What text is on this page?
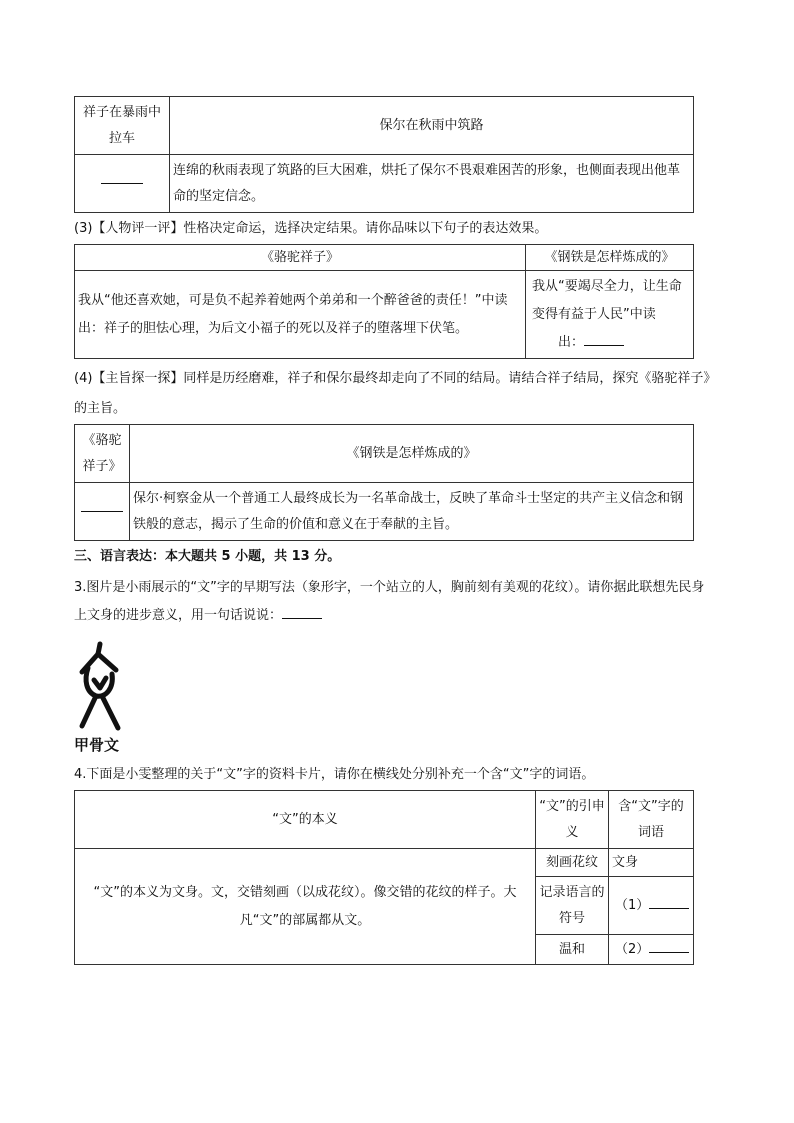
祥子在暴雨中拉车	保尔在秋雨中筑路

	连绵的秋雨表现了筑路的巨大困难，烘托了保尔不畏艰难困苦的形象，也侧面表现出他革命的坚定信念。

(3)【人物评一评】性格决定命运，选择决定结果。请你品味以下句子的表达效果。

《骆驼祥子》	《钢铁是怎样炼成的》
我从“他还喜欢她，可是负不起养着她两个弟弟和一个醉爸爸的责任！”中读出：祥子的胆怯心理，为后文小福子的死以及祥子的堕落埋下伏笔。	我从“要竭尽全力，让生命变得有益于人民”中读
出：

(4)【主旨探一探】同样是历经磨难，祥子和保尔最终却走向了不同的结局。请结合祥子结局，探究《骆驼祥子》的主旨。

《骆驼祥子》	《钢铁是怎样炼成的》

	保尔·柯察金从一个普通工人最终成长为一名革命战士，反映了革命斗士坚定的共产主义信念和钢铁般的意志，揭示了生命的价值和意义在于奉献的主旨。

三、语言表达：本大题共 5 小题，共 13 分。

3.图片是小雨展示的“文”字的早期写法（象形字，一个站立的人，胸前刻有美观的花纹）。请你据此联想先民身上文身的进步意义，用一句话说说：

甲骨文

4.下面是小雯整理的关于“文”字的资料卡片，请你在横线处分别补充一个含“文”字的词语。

“文”的本义	“文”的引申义	含“文”字的词语
“文”的本义为文身。文，交错刻画（以成花纹）。像交错的花纹的样子。大凡“文”的部属都从文。	刻画花纹	文身
	记录语言的符号	（1）
	温和	（2）
